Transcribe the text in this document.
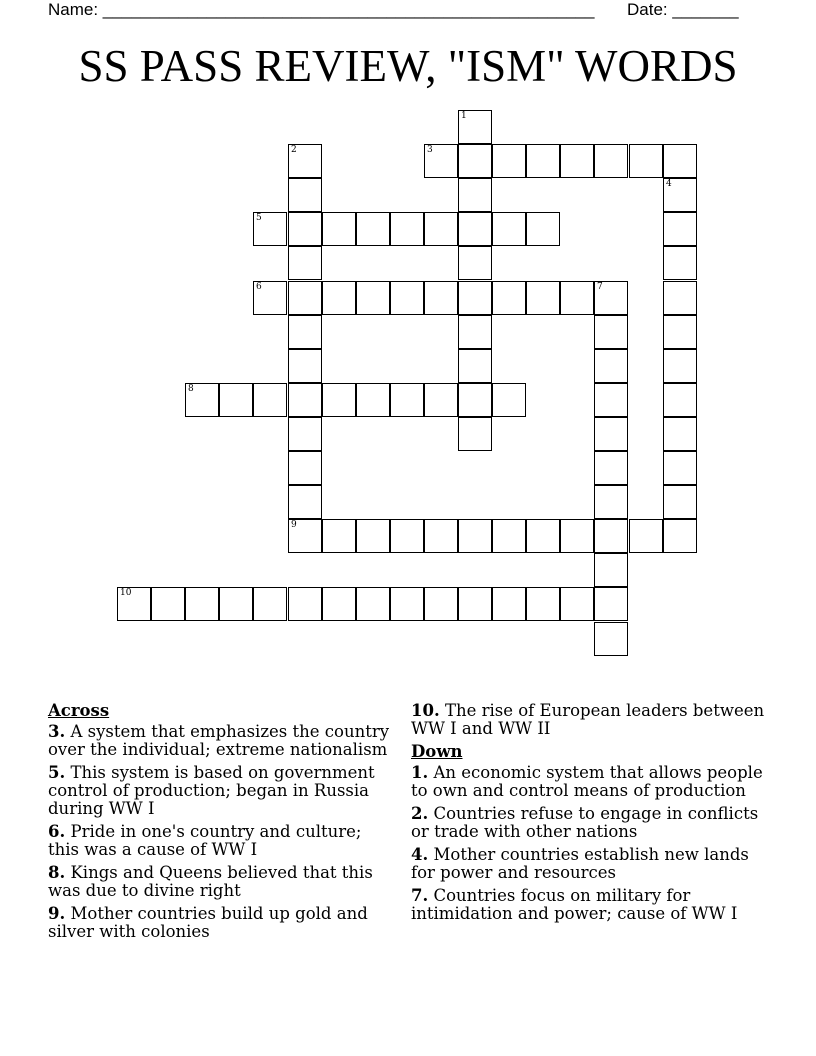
Name: ____________________________________________________ Date: _______
SS PASS REVIEW, "ISM" WORDS
1
2
9
3
4
5
6	7
8
10
Across
3. A system that emphasizes the country over the individual; extreme nationalism
5. This system is based on government control of production; began in Russia during WW I
6. Pride in one's country and culture; this was a cause of WW I
8. Kings and Queens believed that this was due to divine right
9. Mother countries build up gold and silver with colonies
10. The rise of European leaders between WW I and WW II
Down
1. An economic system that allows people to own and control means of production
2. Countries refuse to engage in conflicts or trade with other nations
4. Mother countries establish new lands for power and resources
7. Countries focus on military for intimidation and power; cause of WW I
